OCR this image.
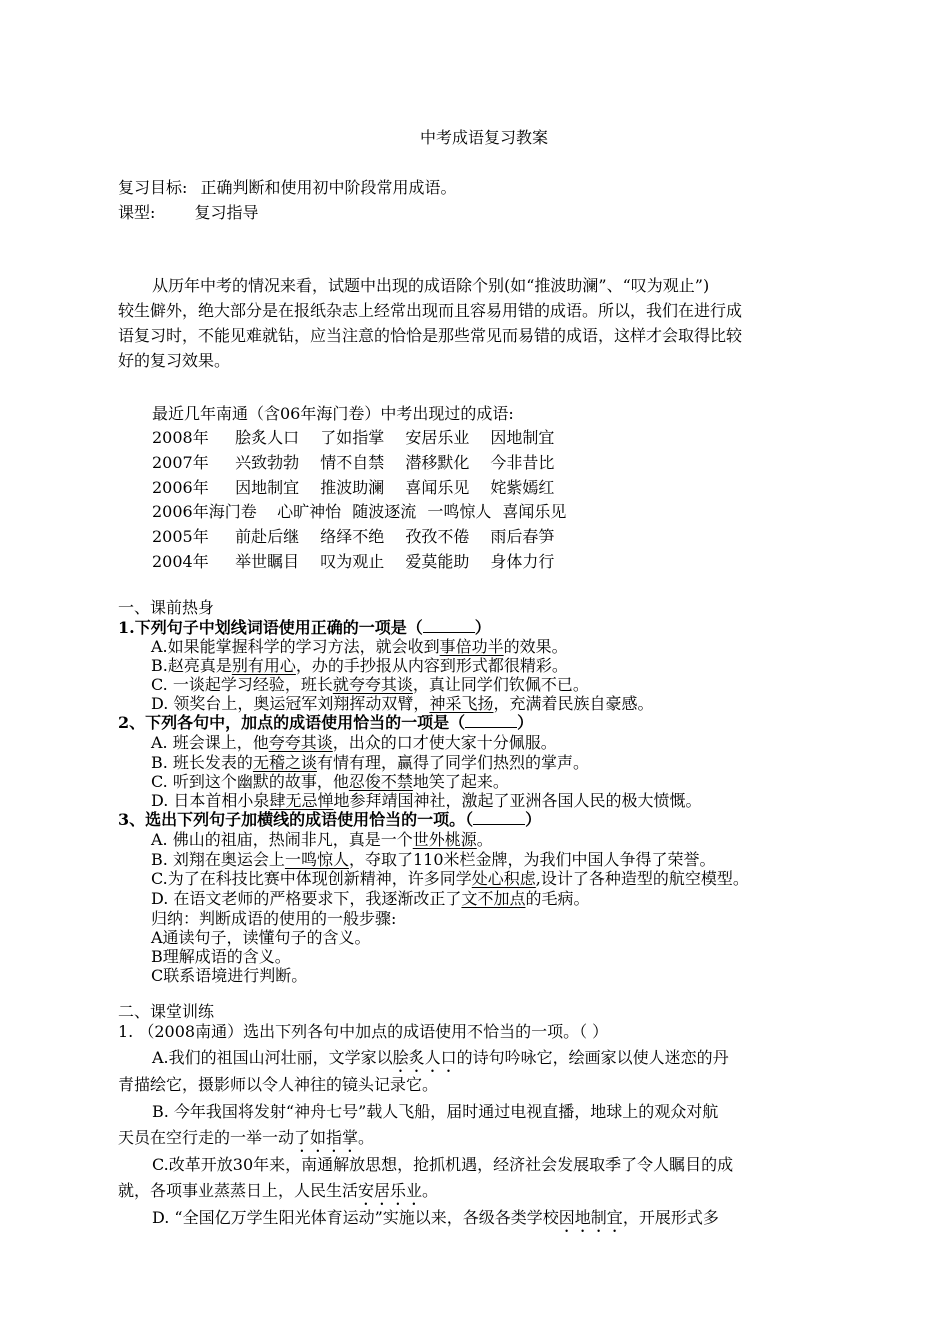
中考成语复习教案
复习目标: 正确判断和使用初中阶段常用成语。
课型: 复习指导
从历年中考的情况来看，试题中出现的成语除个别(如“推波助澜”、“叹为观止”)
较生僻外，绝大部分是在报纸杂志上经常出现而且容易用错的成语。所以，我们在进行成
语复习时，不能见难就钻，应当注意的恰恰是那些常见而易错的成语，这样才会取得比较
好的复习效果。
最近几年南通（含06年海门卷）中考出现过的成语:
2008年 脍炙人口 了如指掌 安居乐业 因地制宜
2007年 兴致勃勃 情不自禁 潜移默化 今非昔比
2006年 因地制宜 推波助澜 喜闻乐见 姹紫嫣红
2006年海门卷 心旷神怡 随波逐流 一鸣惊人 喜闻乐见
2005年 前赴后继 络绎不绝 孜孜不倦 雨后春笋
2004年 举世瞩目 叹为观止 爱莫能助 身体力行
一、课前热身
1.下列句子中划线词语使用正确的一项是（	）
A.如果能掌握科学的学习方法，就会收到事倍功半的效果。
B.赵亮真是别有用心，办的手抄报从内容到形式都很精彩。
C. 一谈起学习经验，班长就夸夸其谈，真让同学们钦佩不已。
D. 领奖台上，奥运冠军刘翔挥动双臂，神采飞扬，充满着民族自豪感。
2、下列各句中，加点的成语使用恰当的一项是（	）
A. 班会课上，他夸夸其谈，出众的口才使大家十分佩服。
B. 班长发表的无稽之谈有情有理，赢得了同学们热烈的掌声。
C. 听到这个幽默的故事，他忍俊不禁地笑了起来。
D. 日本首相小泉肆无忌惮地参拜靖国神社，激起了亚洲各国人民的极大愤慨。
3、选出下列句子加横线的成语使用恰当的一项。（	）
A. 佛山的祖庙，热闹非凡，真是一个世外桃源。
B. 刘翔在奥运会上一鸣惊人，夺取了110米栏金牌，为我们中国人争得了荣誉。
C.为了在科技比赛中体现创新精神，许多同学处心积虑,设计了各种造型的航空模型。
D. 在语文老师的严格要求下，我逐渐改正了文不加点的毛病。
归纳：判断成语的使用的一般步骤:
A通读句子，读懂句子的含义。
B理解成语的含义。
C联系语境进行判断。
二、课堂训练
1. （2008南通）选出下列各句中加点的成语使用不恰当的一项。（ ）
A.我们的祖国山河壮丽，文学家以脍炙人口的诗句吟咏它，绘画家以使人迷恋的丹
青描绘它，摄影师以令人神往的镜头记录它。
B. 今年我国将发射“神舟七号”载人飞船，届时通过电视直播，地球上的观众对航
天员在空行走的一举一动了如指掌。
C.改革开放30年来，南通解放思想，抢抓机遇，经济社会发展取季了令人瞩目的成
就，各项事业蒸蒸日上，人民生活安居乐业。
D. “全国亿万学生阳光体育运动”实施以来，各级各类学校因地制宜，开展形式多
